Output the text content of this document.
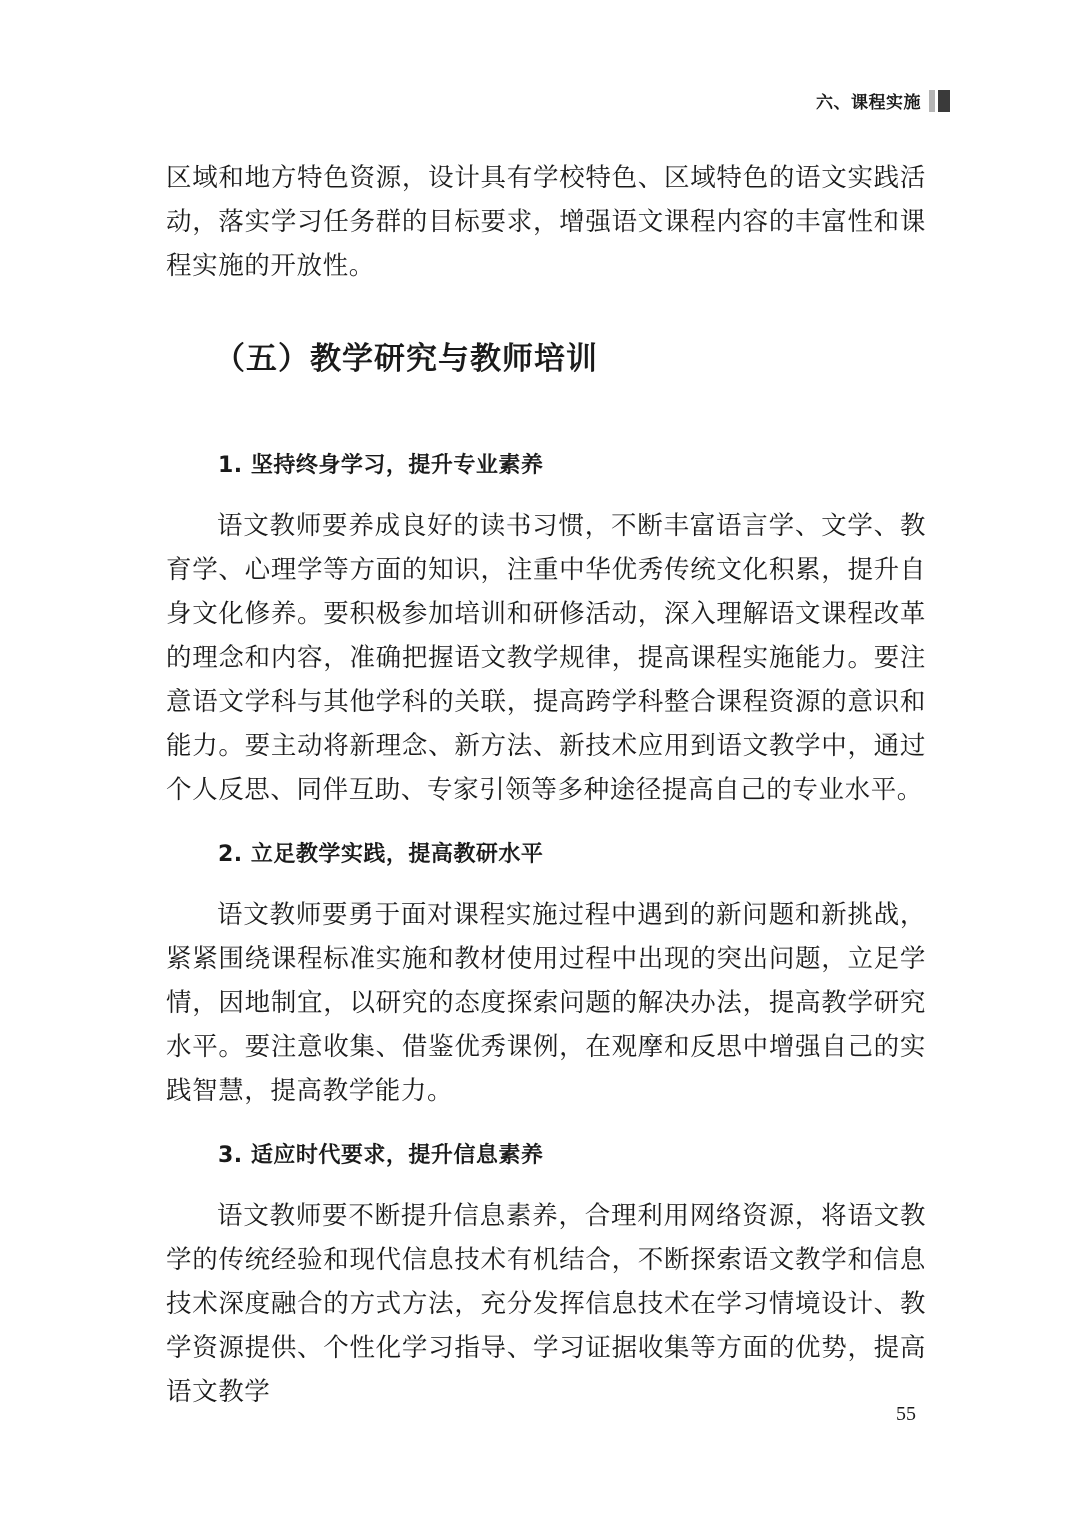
六、课程实施

区域和地方特色资源，设计具有学校特色、区域特色的语文实践活动，落实学习任务群的目标要求，增强语文课程内容的丰富性和课程实施的开放性。

（五）教学研究与教师培训
1. 坚持终身学习，提升专业素养

语文教师要养成良好的读书习惯，不断丰富语言学、文学、教育学、心理学等方面的知识，注重中华优秀传统文化积累，提升自身文化修养。要积极参加培训和研修活动，深入理解语文课程改革的理念和内容，准确把握语文教学规律，提高课程实施能力。要注意语文学科与其他学科的关联，提高跨学科整合课程资源的意识和能力。要主动将新理念、新方法、新技术应用到语文教学中，通过个人反思、同伴互助、专家引领等多种途径提高自己的专业水平。

2. 立足教学实践，提高教研水平

语文教师要勇于面对课程实施过程中遇到的新问题和新挑战，紧紧围绕课程标准实施和教材使用过程中出现的突出问题，立足学情，因地制宜，以研究的态度探索问题的解决办法，提高教学研究水平。要注意收集、借鉴优秀课例，在观摩和反思中增强自己的实践智慧，提高教学能力。

3. 适应时代要求，提升信息素养

语文教师要不断提升信息素养，合理利用网络资源，将语文教学的传统经验和现代信息技术有机结合，不断探索语文教学和信息技术深度融合的方式方法，充分发挥信息技术在学习情境设计、教学资源提供、个性化学习指导、学习证据收集等方面的优势，提高语文教学

55
